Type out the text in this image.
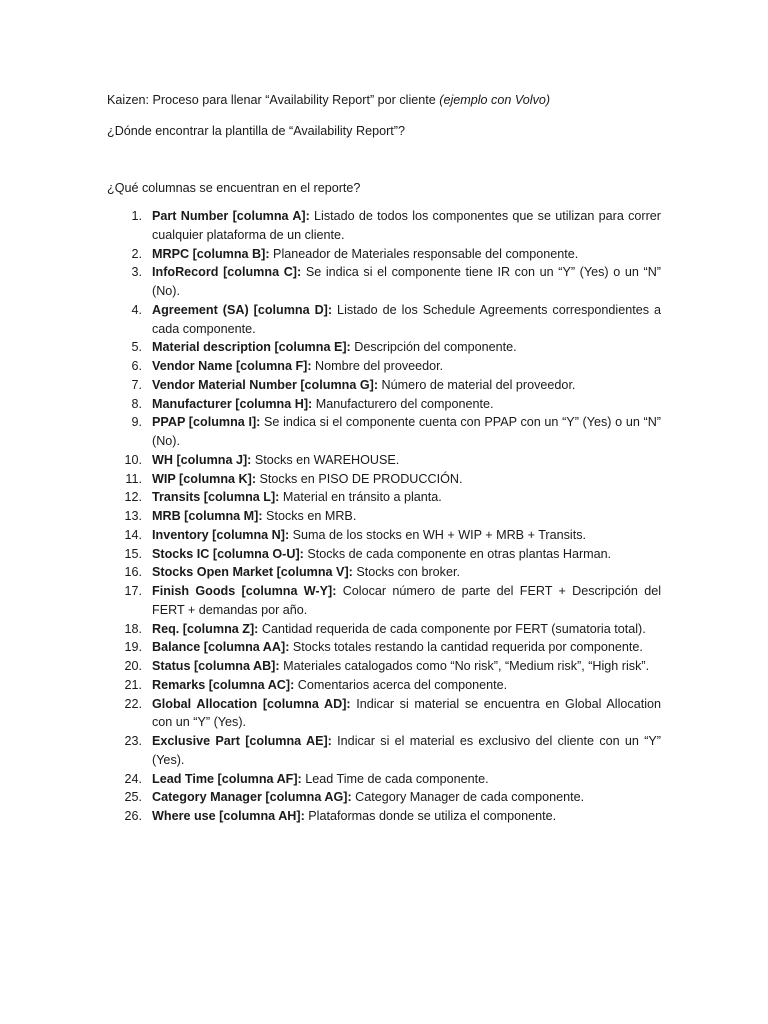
Kaizen: Proceso para llenar “Availability Report” por cliente (ejemplo con Volvo)
¿Dónde encontrar la plantilla de “Availability Report”?
¿Qué columnas se encuentran en el reporte?
1. Part Number [columna A]: Listado de todos los componentes que se utilizan para correr cualquier plataforma de un cliente.
2. MRPC [columna B]: Planeador de Materiales responsable del componente.
3. InfoRecord [columna C]: Se indica si el componente tiene IR con un “Y” (Yes) o un “N” (No).
4. Agreement (SA) [columna D]: Listado de los Schedule Agreements correspondientes a cada componente.
5. Material description [columna E]: Descripción del componente.
6. Vendor Name [columna F]: Nombre del proveedor.
7. Vendor Material Number [columna G]: Número de material del proveedor.
8. Manufacturer [columna H]: Manufacturero del componente.
9. PPAP [columna I]: Se indica si el componente cuenta con PPAP con un “Y” (Yes) o un “N” (No).
10. WH [columna J]: Stocks en WAREHOUSE.
11. WIP [columna K]: Stocks en PISO DE PRODUCCIÓN.
12. Transits [columna L]: Material en tránsito a planta.
13. MRB [columna M]: Stocks en MRB.
14. Inventory [columna N]: Suma de los stocks en WH + WIP + MRB + Transits.
15. Stocks IC [columna O-U]: Stocks de cada componente en otras plantas Harman.
16. Stocks Open Market [columna V]: Stocks con broker.
17. Finish Goods [columna W-Y]: Colocar número de parte del FERT + Descripción del FERT + demandas por año.
18. Req. [columna Z]: Cantidad requerida de cada componente por FERT (sumatoria total).
19. Balance [columna AA]: Stocks totales restando la cantidad requerida por componente.
20. Status [columna AB]: Materiales catalogados como “No risk”, “Medium risk”, “High risk”.
21. Remarks [columna AC]: Comentarios acerca del componente.
22. Global Allocation [columna AD]: Indicar si material se encuentra en Global Allocation con un “Y” (Yes).
23. Exclusive Part [columna AE]: Indicar si el material es exclusivo del cliente con un “Y” (Yes).
24. Lead Time [columna AF]: Lead Time de cada componente.
25. Category Manager [columna AG]: Category Manager de cada componente.
26. Where use [columna AH]: Plataformas donde se utiliza el componente.
